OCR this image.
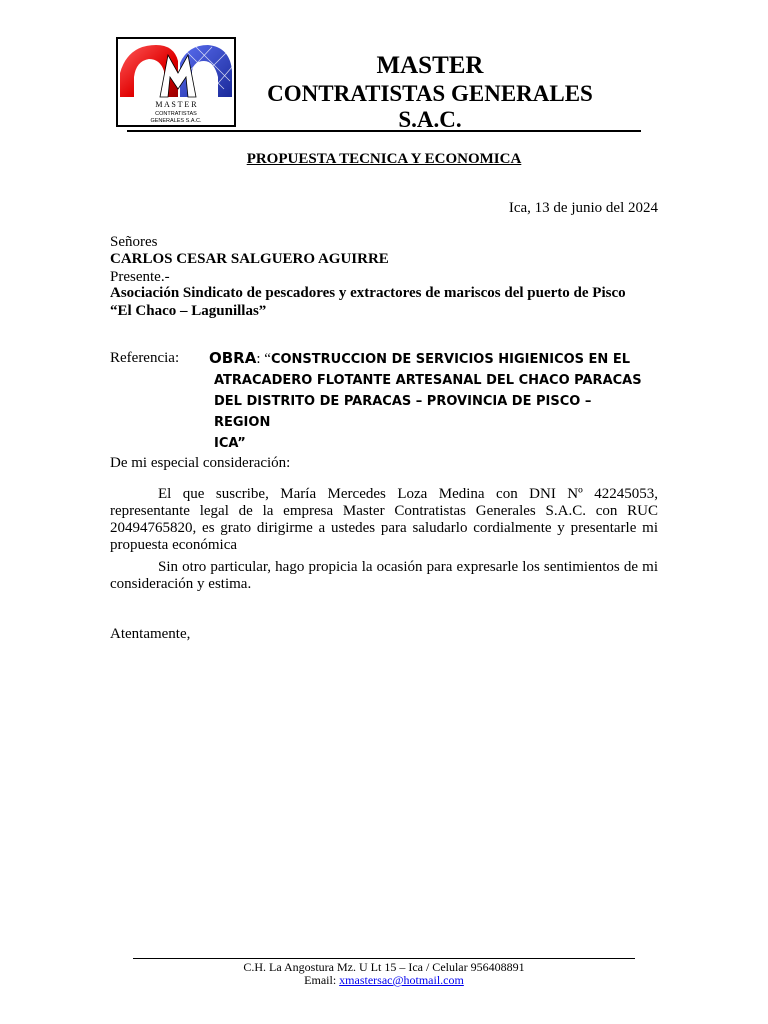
M A S T E R
CONTRATISTAS
GENERALES S.A.C.
MASTER
CONTRATISTAS GENERALES S.A.C.
PROPUESTA TECNICA Y ECONOMICA
Ica, 13 de junio del 2024
Señores
CARLOS CESAR SALGUERO AGUIRRE
Presente.-
Asociación Sindicato de pescadores y extractores de mariscos del puerto de Pisco
“El Chaco – Lagunillas”
Referencia: OBRA: “CONSTRUCCION DE SERVICIOS HIGIENICOS EN EL
ATRACADERO FLOTANTE ARTESANAL DEL CHACO PARACAS
DEL DISTRITO DE PARACAS – PROVINCIA DE PISCO – REGION
ICA”
De mi especial consideración:
El que suscribe, María Mercedes Loza Medina con DNI Nº 42245053, representante legal de la empresa Master Contratistas Generales S.A.C. con RUC 20494765820, es grato dirigirme a ustedes para saludarlo cordialmente y presentarle mi propuesta económica
Sin otro particular, hago propicia la ocasión para expresarle los sentimientos de mi consideración y estima.
Atentamente,
C.H. La Angostura Mz. U Lt 15 – Ica / Celular 956408891
Email: xmastersac@hotmail.com
